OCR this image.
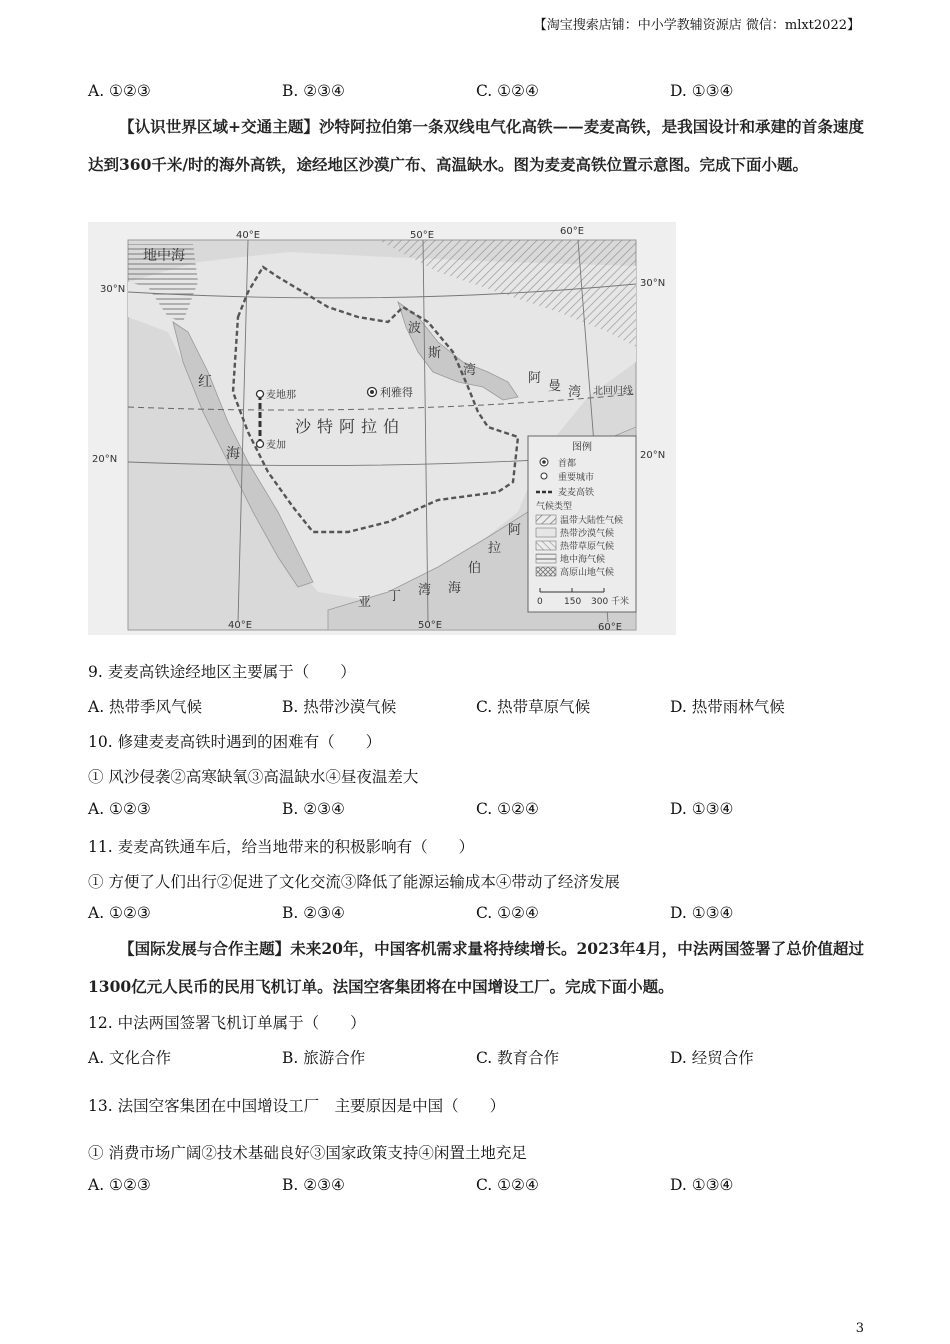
【淘宝搜索店铺：中小学教辅资源店 微信：mlxt2022】
A. ①②③	B. ②③④	C. ①②④	D. ①③④
【认识世界区域+交通主题】沙特阿拉伯第一条双线电气化高铁——麦麦高铁，是我国设计和承建的首条速度达到360千米/时的海外高铁，途经地区沙漠广布、高温缺水。图为麦麦高铁位置示意图。完成下面小题。
地中海
红
海
波
斯
湾
阿
曼 湾 北回归线
沙特阿拉伯
利雅得
麦地那
麦加
阿
拉
伯
海
亚 丁 湾
40°E	50°E	60°E
40°E	50°E	60°E
30°N
20°N
30°N
20°N
图例
首都
重要城市
麦麦高铁
气候类型
温带大陆性气候
热带沙漠气候
热带草原气候
地中海气候
高原山地气候
0 150 300 千米
9. 麦麦高铁途经地区主要属于（　　）
A. 热带季风气候	B. 热带沙漠气候	C. 热带草原气候	D. 热带雨林气候
10. 修建麦麦高铁时遇到的困难有（　　）
① 风沙侵袭②高寒缺氧③高温缺水④昼夜温差大
A. ①②③	B. ②③④	C. ①②④	D. ①③④
11. 麦麦高铁通车后，给当地带来的积极影响有（　　）
① 方便了人们出行②促进了文化交流③降低了能源运输成本④带动了经济发展
A. ①②③	B. ②③④	C. ①②④	D. ①③④
【国际发展与合作主题】未来20年，中国客机需求量将持续增长。2023年4月，中法两国签署了总价值超过1300亿元人民币的民用飞机订单。法国空客集团将在中国增设工厂。完成下面小题。
12. 中法两国签署飞机订单属于（　　）
A. 文化合作	B. 旅游合作	C. 教育合作	D. 经贸合作
13. 法国空客集团在中国增设工厂　主要原因是中国（　　）
① 消费市场广阔②技术基础良好③国家政策支持④闲置土地充足
A. ①②③	B. ②③④	C. ①②④	D. ①③④
3
